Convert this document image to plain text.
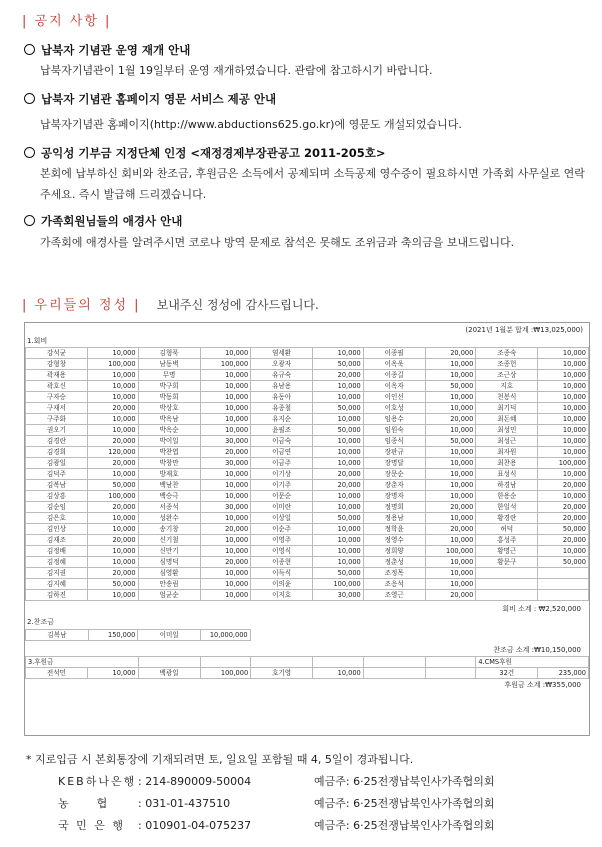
| 공지 사항 |
납북자 기념관 운영 재개 안내
납북자기념관이 1월 19일부터 운영 재개하였습니다. 관람에 참고하시기 바랍니다.
납북자 기념관 홈페이지 영문 서비스 제공 안내
납북자기념관 홈페이지(http://www.abductions625.go.kr)에 영문도 개설되었습니다.
공익성 기부금 지정단체 인정 <재정경제부장관공고 2011-205호>
본회에 납부하신 회비와 찬조금, 후원금은 소득에서 공제되며 소득공제 영수증이 필요하시면 가족회 사무실로 연락주세요. 즉시 발급해 드리겠습니다.
가족회원님들의 애경사 안내
가족회에 애경사를 알려주시면 코로나 방역 문제로 참석은 못해도 조위금과 축의금을 보내드립니다.
| 우리들의 정성 | 보내주신 정성에 감사드립니다.
(2021년 1월분 합계 :₩13,025,000)
1.회비
강석균	10,000	김형묵	10,000	염세환	10,000	이종필	20,000	조종숙	10,000
강형창	100,000	남동벽	100,000	오광자	50,000	이옥욱	10,000	조종헌	10,000
곽재용	10,000	무명	10,000	유규숙	20,000	이종길	10,000	조근상	10,000
곽호신	10,000	박구희	10,000	유남용	10,000	이옥자	50,000	지호	10,000
구자승	10,000	박동희	10,000	유동아	10,000	이인선	10,000	천봉식	10,000
구재서	20,000	박상호	10,000	유종철	50,000	이호성	10,000	최기덕	10,000
구주화	10,000	박옥남	10,000	유지순	10,000	임용수	20,000	최돈혜	10,000
권오기	10,000	박옥순	10,000	윤필조	50,000	임원숙	10,000	최성민	10,000
김경란	20,000	박이일	30,000	이금숙	10,000	임종식	50,000	최성근	10,000
김경희	120,000	박찬엽	20,000	이금연	10,000	장판규	10,000	최자원	10,000
김광일	20,000	박창만	30,000	이금주	10,000	장명달	10,000	최찬용	100,000
김덕주	10,000	방재호	10,000	이기상	20,000	장문순	10,000	표성식	10,000
김복남	50,000	백남찬	10,000	이기주	20,000	장춘자	10,000	하경남	20,000
김상흥	100,000	백승극	10,000	이문순	10,000	장명자	10,000	한용순	10,000
김순임	20,000	서종석	30,000	이미란	10,000	정명희	20,000	한일석	20,000
김은호	10,000	성완수	10,000	이상일	50,000	정용남	10,000	황경란	20,000
김인상	10,000	송기창	20,000	이순주	10,000	정학윤	20,000	허덕	50,000
김재조	20,000	신기철	10,000	이영주	10,000	정영수	10,000	홍성주	20,000
김정배	10,000	신만기	10,000	이영식	10,000	정희양	100,000	황명근	10,000
김정혜	10,000	심명덕	20,000	이종현	10,000	정춘성	10,000	황문구	50,000
김지권	20,000	심영환	10,000	이득식	50,000	조정목	10,000		
김지혜	50,000	안송림	10,000	이의윤	100,000	조응석	10,000		
김하진	10,000	엄균순	10,000	이지호	30,000	조영근	20,000		
회비 소계 : ₩2,520,000
2.찬조금
김복남	150,000	이미일	10,000,000
찬조금 소계 :₩10,150,000
3.후원금								4.CMS후원	
전석민	10,000	백광일	100,000	호기영	10,000			32건	235,000
후원금 소계 :₩355,000
* 지로입금 시 본회통장에 기재되려면 토, 일요일 포함될 때 4, 5일이 경과됩니다.
KEB하나은행 : 214-890009-50004	예금주: 6·25전쟁납북인사가족협의회
농　　협	: 031-01-437510	예금주: 6·25전쟁납북인사가족협의회
국 민 은 행 : 010901-04-075237	예금주: 6·25전쟁납북인사가족협의회
